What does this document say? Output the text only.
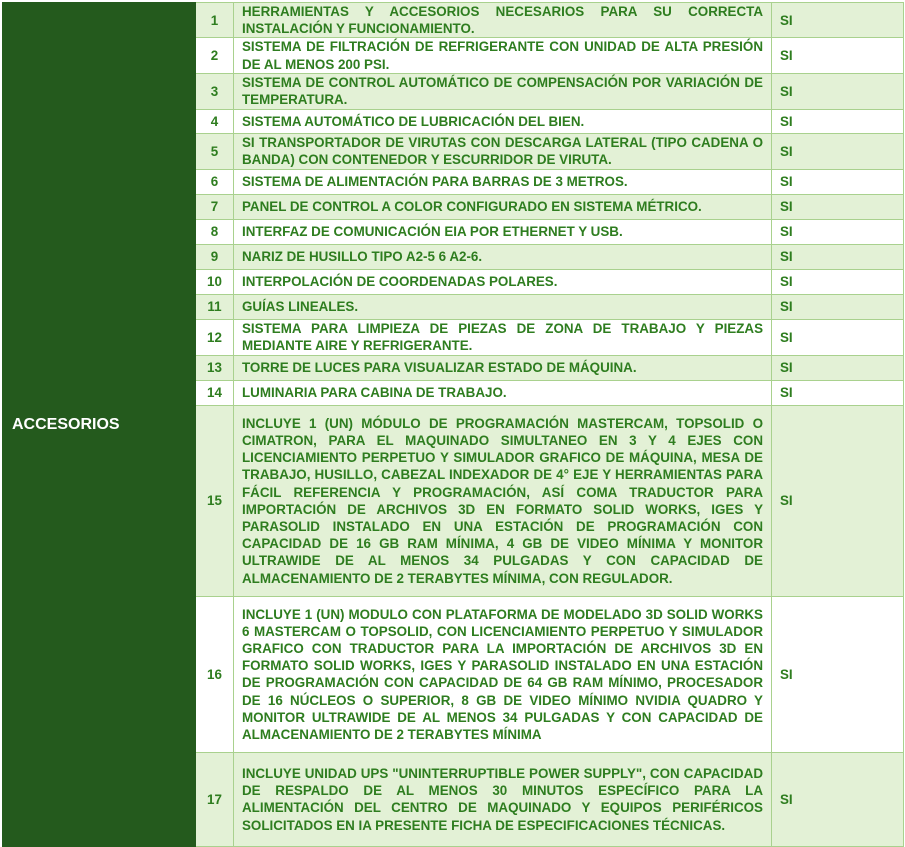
ACCESORIOS	1	HERRAMIENTAS Y ACCESORIOS NECESARIOS PARA SU CORRECTA INSTALACIÓN Y FUNCIONAMIENTO.	SI
	2	SISTEMA DE FILTRACIÓN DE REFRIGERANTE CON UNIDAD DE ALTA PRESIÓN DE AL MENOS 200 PSI.	SI
	3	SISTEMA DE CONTROL AUTOMÁTICO DE COMPENSACIÓN POR VARIACIÓN DE TEMPERATURA.	SI
	4	SISTEMA AUTOMÁTICO DE LUBRICACIÓN DEL BIEN.	SI
	5	SI TRANSPORTADOR DE VIRUTAS CON DESCARGA LATERAL (TIPO CADENA O BANDA) CON CONTENEDOR Y ESCURRIDOR DE VIRUTA.	SI
	6	SISTEMA DE ALIMENTACIÓN PARA BARRAS DE 3 METROS.	SI
	7	PANEL DE CONTROL A COLOR CONFIGURADO EN SISTEMA MÉTRICO.	SI
	8	INTERFAZ DE COMUNICACIÓN EIA POR ETHERNET Y USB.	SI
	9	NARIZ DE HUSILLO TIPO A2-5 6 A2-6.	SI
	10	INTERPOLACIÓN DE COORDENADAS POLARES.	SI
	11	GUÍAS LINEALES.	SI
	12	SISTEMA PARA LIMPIEZA DE PIEZAS DE ZONA DE TRABAJO Y PIEZAS MEDIANTE AIRE Y REFRIGERANTE.	SI
	13	TORRE DE LUCES PARA VISUALIZAR ESTADO DE MÁQUINA.	SI
	14	LUMINARIA PARA CABINA DE TRABAJO.	SI
	15	INCLUYE 1 (UN) MÓDULO DE PROGRAMACIÓN MASTERCAM, TOPSOLID O CIMATRON, PARA EL MAQUINADO SIMULTANEO EN 3 Y 4 EJES CON LICENCIAMIENTO PERPETUO Y SIMULADOR GRAFICO DE MÁQUINA, MESA DE TRABAJO, HUSILLO, CABEZAL INDEXADOR DE 4° EJE Y HERRAMIENTAS PARA FÁCIL REFERENCIA Y PROGRAMACIÓN, ASÍ COMA TRADUCTOR PARA IMPORTACIÓN DE ARCHIVOS 3D EN FORMATO SOLID WORKS, IGES Y PARASOLID INSTALADO EN UNA ESTACIÓN DE PROGRAMACIÓN CON CAPACIDAD DE 16 GB RAM MÍNIMA, 4 GB DE VIDEO MÍNIMA Y MONITOR ULTRAWIDE DE AL MENOS 34 PULGADAS Y CON CAPACIDAD DE ALMACENAMIENTO DE 2 TERABYTES MÍNIMA, CON REGULADOR.	SI
	16	INCLUYE 1 (UN) MODULO CON PLATAFORMA DE MODELADO 3D SOLID WORKS 6 MASTERCAM O TOPSOLID, CON LICENCIAMIENTO PERPETUO Y SIMULADOR GRAFICO CON TRADUCTOR PARA LA IMPORTACIÓN DE ARCHIVOS 3D EN FORMATO SOLID WORKS, IGES Y PARASOLID INSTALADO EN UNA ESTACIÓN DE PROGRAMACIÓN CON CAPACIDAD DE 64 GB RAM MÍNIMO, PROCESADOR DE 16 NÚCLEOS O SUPERIOR, 8 GB DE VIDEO MÍNIMO NVIDIA QUADRO Y MONITOR ULTRAWIDE DE AL MENOS 34 PULGADAS Y CON CAPACIDAD DE ALMACENAMIENTO DE 2 TERABYTES MÍNIMA	SI
	17	INCLUYE UNIDAD UPS "UNINTERRUPTIBLE POWER SUPPLY", CON CAPACIDAD DE RESPALDO DE AL MENOS 30 MINUTOS ESPECÍFICO PARA LA ALIMENTACIÓN DEL CENTRO DE MAQUINADO Y EQUIPOS PERIFÉRICOS SOLICITADOS EN IA PRESENTE FICHA DE ESPECIFICACIONES TÉCNICAS.	SI
